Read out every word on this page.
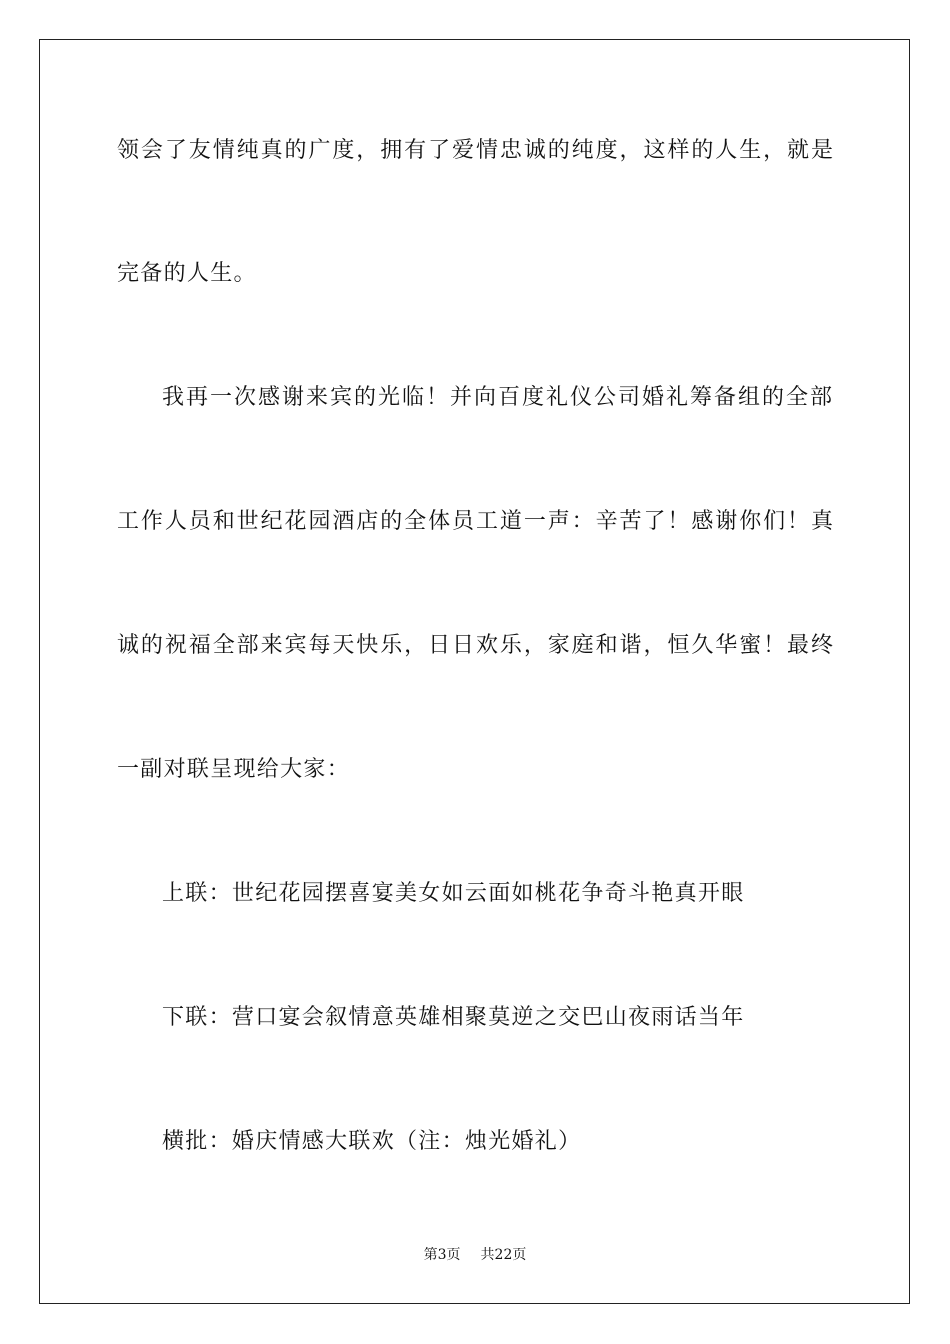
领会了友情纯真的广度，拥有了爱情忠诚的纯度，这样的人生，就是
完备的人生。
我再一次感谢来宾的光临！并向百度礼仪公司婚礼筹备组的全部
工作人员和世纪花园酒店的全体员工道一声：辛苦了！感谢你们！真
诚的祝福全部来宾每天快乐，日日欢乐，家庭和谐，恒久华蜜！最终
一副对联呈现给大家：
上联：世纪花园摆喜宴美女如云面如桃花争奇斗艳真开眼
下联：营口宴会叙情意英雄相聚莫逆之交巴山夜雨话当年
横批：婚庆情感大联欢（注：烛光婚礼）
第3页 共22页
